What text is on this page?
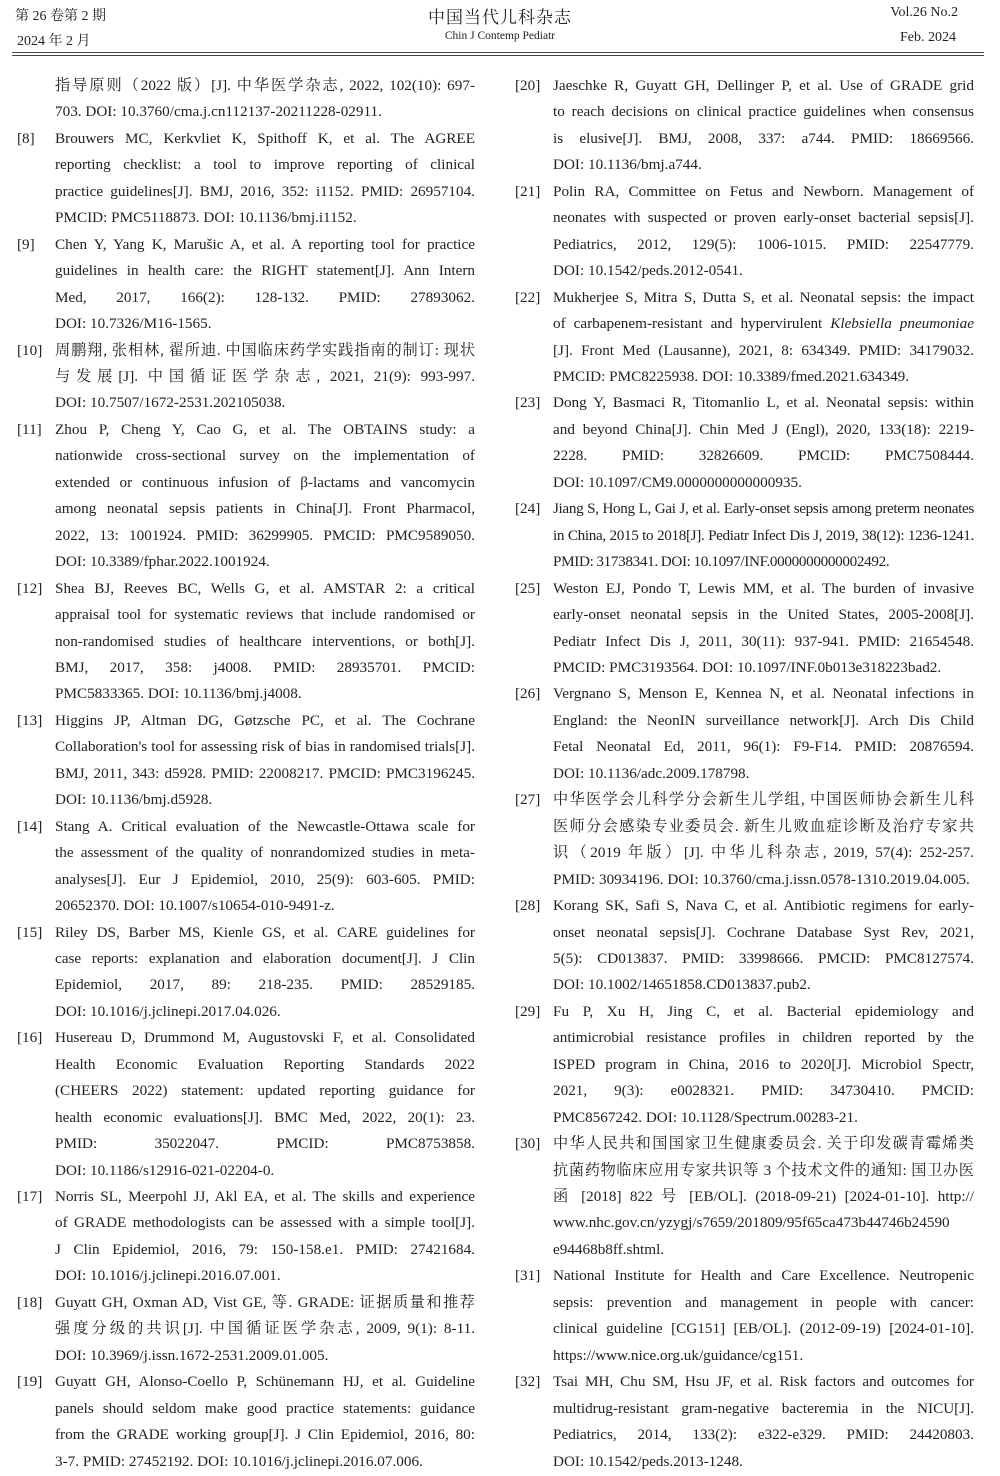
第 26 卷第 2 期
2024 年 2 月
中国当代儿科杂志
Chin J Contemp Pediatr
Vol.26 No.2
Feb. 2024
指导原则（2022 版）[J]. 中华医学杂志, 2022, 102(10): 697-
703. DOI: 10.3760/cma.j.cn112137-20211228-02911.
[8] Brouwers MC, Kerkvliet K, Spithoff K, et al. The AGREE
reporting checklist: a tool to improve reporting of clinical
practice guidelines[J]. BMJ, 2016, 352: i1152. PMID: 26957104.
PMCID: PMC5118873. DOI: 10.1136/bmj.i1152.
[9] Chen Y, Yang K, Marušic A, et al. A reporting tool for practice
guidelines in health care: the RIGHT statement[J]. Ann Intern
Med, 2017, 166(2): 128-132. PMID: 27893062.
DOI: 10.7326/M16-1565.
[10] 周鹏翔, 张相林, 翟所迪. 中国临床药学实践指南的制订: 现状
与发展[J]. 中国循证医学杂志, 2021, 21(9): 993-997.
DOI: 10.7507/1672-2531.202105038.
[11] Zhou P, Cheng Y, Cao G, et al. The OBTAINS study: a
nationwide cross-sectional survey on the implementation of
extended or continuous infusion of β-lactams and vancomycin
among neonatal sepsis patients in China[J]. Front Pharmacol,
2022, 13: 1001924. PMID: 36299905. PMCID: PMC9589050.
DOI: 10.3389/fphar.2022.1001924.
[12] Shea BJ, Reeves BC, Wells G, et al. AMSTAR 2: a critical
appraisal tool for systematic reviews that include randomised or
non-randomised studies of healthcare interventions, or both[J].
BMJ, 2017, 358: j4008. PMID: 28935701. PMCID:
PMC5833365. DOI: 10.1136/bmj.j4008.
[13] Higgins JP, Altman DG, Gøtzsche PC, et al. The Cochrane
Collaboration's tool for assessing risk of bias in randomised trials[J].
BMJ, 2011, 343: d5928. PMID: 22008217. PMCID: PMC3196245.
DOI: 10.1136/bmj.d5928.
[14] Stang A. Critical evaluation of the Newcastle-Ottawa scale for
the assessment of the quality of nonrandomized studies in meta-
analyses[J]. Eur J Epidemiol, 2010, 25(9): 603-605. PMID:
20652370. DOI: 10.1007/s10654-010-9491-z.
[15] Riley DS, Barber MS, Kienle GS, et al. CARE guidelines for
case reports: explanation and elaboration document[J]. J Clin
Epidemiol, 2017, 89: 218-235. PMID: 28529185.
DOI: 10.1016/j.jclinepi.2017.04.026.
[16] Husereau D, Drummond M, Augustovski F, et al. Consolidated
Health Economic Evaluation Reporting Standards 2022
(CHEERS 2022) statement: updated reporting guidance for
health economic evaluations[J]. BMC Med, 2022, 20(1): 23.
PMID: 35022047. PMCID: PMC8753858.
DOI: 10.1186/s12916-021-02204-0.
[17] Norris SL, Meerpohl JJ, Akl EA, et al. The skills and experience
of GRADE methodologists can be assessed with a simple tool[J].
J Clin Epidemiol, 2016, 79: 150-158.e1. PMID: 27421684.
DOI: 10.1016/j.jclinepi.2016.07.001.
[18] Guyatt GH, Oxman AD, Vist GE, 等. GRADE: 证据质量和推荐
强度分级的共识[J]. 中国循证医学杂志, 2009, 9(1): 8-11.
DOI: 10.3969/j.issn.1672-2531.2009.01.005.
[19] Guyatt GH, Alonso-Coello P, Schünemann HJ, et al. Guideline
panels should seldom make good practice statements: guidance
from the GRADE working group[J]. J Clin Epidemiol, 2016, 80:
3-7. PMID: 27452192. DOI: 10.1016/j.jclinepi.2016.07.006.
[20] Jaeschke R, Guyatt GH, Dellinger P, et al. Use of GRADE grid
to reach decisions on clinical practice guidelines when consensus
is elusive[J]. BMJ, 2008, 337: a744. PMID: 18669566.
DOI: 10.1136/bmj.a744.
[21] Polin RA, Committee on Fetus and Newborn. Management of
neonates with suspected or proven early-onset bacterial sepsis[J].
Pediatrics, 2012, 129(5): 1006-1015. PMID: 22547779.
DOI: 10.1542/peds.2012-0541.
[22] Mukherjee S, Mitra S, Dutta S, et al. Neonatal sepsis: the impact
of carbapenem-resistant and hypervirulent Klebsiella pneumoniae
[J]. Front Med (Lausanne), 2021, 8: 634349. PMID: 34179032.
PMCID: PMC8225938. DOI: 10.3389/fmed.2021.634349.
[23] Dong Y, Basmaci R, Titomanlio L, et al. Neonatal sepsis: within
and beyond China[J]. Chin Med J (Engl), 2020, 133(18): 2219-
2228. PMID: 32826609. PMCID: PMC7508444.
DOI: 10.1097/CM9.0000000000000935.
[24] Jiang S, Hong L, Gai J, et al. Early-onset sepsis among preterm neonates
in China, 2015 to 2018[J]. Pediatr Infect Dis J, 2019, 38(12): 1236-1241.
PMID: 31738341. DOI: 10.1097/INF.0000000000002492.
[25] Weston EJ, Pondo T, Lewis MM, et al. The burden of invasive
early-onset neonatal sepsis in the United States, 2005-2008[J].
Pediatr Infect Dis J, 2011, 30(11): 937-941. PMID: 21654548.
PMCID: PMC3193564. DOI: 10.1097/INF.0b013e318223bad2.
[26] Vergnano S, Menson E, Kennea N, et al. Neonatal infections in
England: the NeonIN surveillance network[J]. Arch Dis Child
Fetal Neonatal Ed, 2011, 96(1): F9-F14. PMID: 20876594.
DOI: 10.1136/adc.2009.178798.
[27] 中华医学会儿科学分会新生儿学组, 中国医师协会新生儿科
医师分会感染专业委员会. 新生儿败血症诊断及治疗专家共
识（2019 年版）[J]. 中华儿科杂志, 2019, 57(4): 252-257.
PMID: 30934196. DOI: 10.3760/cma.j.issn.0578-1310.2019.04.005.
[28] Korang SK, Safi S, Nava C, et al. Antibiotic regimens for early-
onset neonatal sepsis[J]. Cochrane Database Syst Rev, 2021,
5(5): CD013837. PMID: 33998666. PMCID: PMC8127574.
DOI: 10.1002/14651858.CD013837.pub2.
[29] Fu P, Xu H, Jing C, et al. Bacterial epidemiology and
antimicrobial resistance profiles in children reported by the
ISPED program in China, 2016 to 2020[J]. Microbiol Spectr,
2021, 9(3): e0028321. PMID: 34730410. PMCID:
PMC8567242. DOI: 10.1128/Spectrum.00283-21.
[30] 中华人民共和国国家卫生健康委员会. 关于印发碳青霉烯类
抗菌药物临床应用专家共识等 3 个技术文件的通知: 国卫办医
函 [2018] 822 号 [EB/OL]. (2018-09-21) [2024-01-10]. http://
www.nhc.gov.cn/yzygj/s7659/201809/95f65ca473b44746b24590
e94468b8ff.shtml.
[31] National Institute for Health and Care Excellence. Neutropenic
sepsis: prevention and management in people with cancer:
clinical guideline [CG151] [EB/OL]. (2012-09-19) [2024-01-10].
https://www.nice.org.uk/guidance/cg151.
[32] Tsai MH, Chu SM, Hsu JF, et al. Risk factors and outcomes for
multidrug-resistant gram-negative bacteremia in the NICU[J].
Pediatrics, 2014, 133(2): e322-e329. PMID: 24420803.
DOI: 10.1542/peds.2013-1248.
